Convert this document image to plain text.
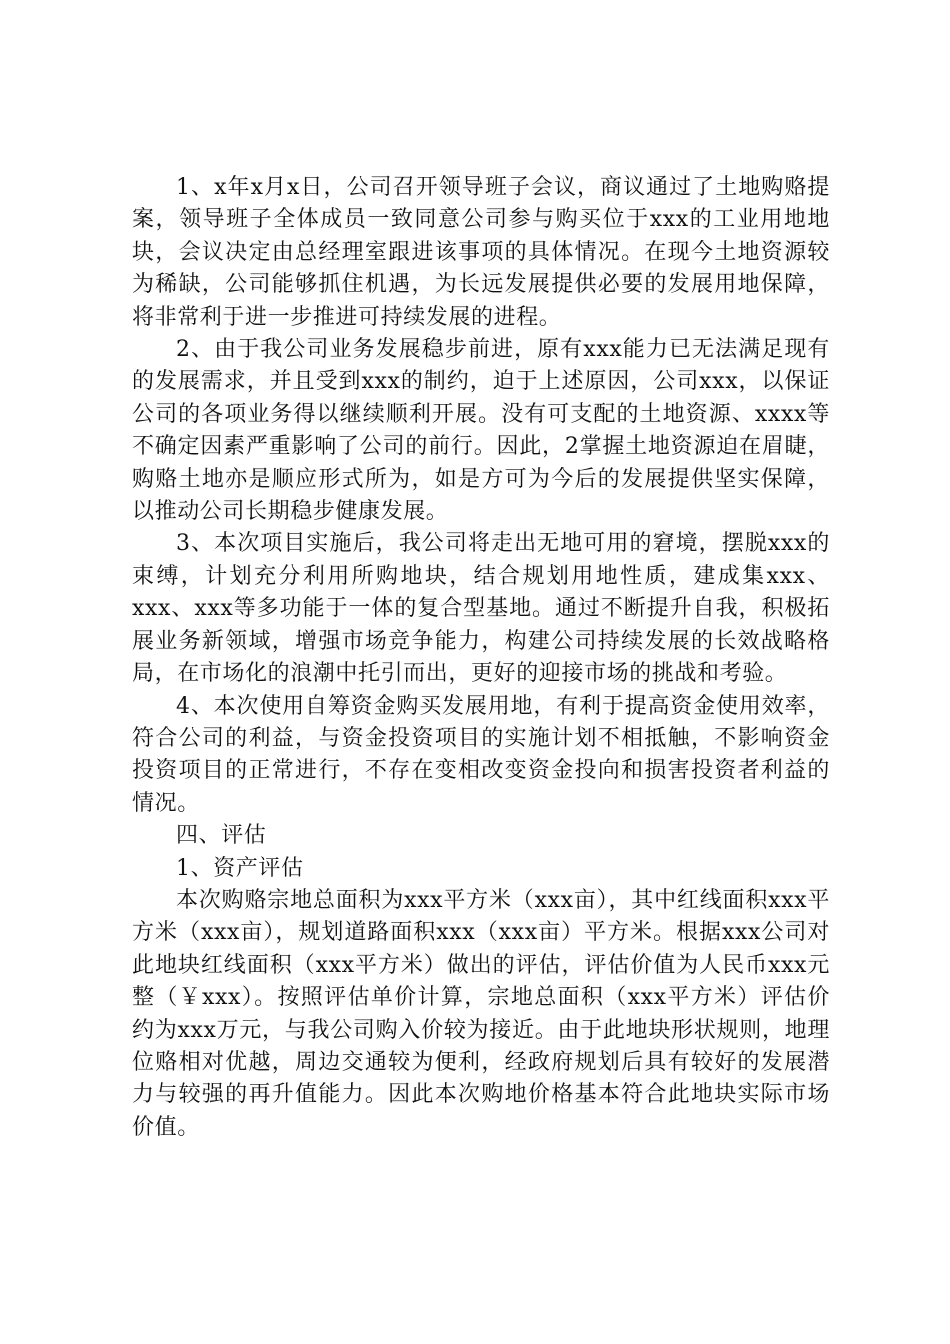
1、x年x月x日，公司召开领导班子会议，商议通过了土地购赂提案，领导班子全体成员一致同意公司参与购买位于xxx的工业用地地块，会议决定由总经理室跟进该事项的具体情况。在现今土地资源较为稀缺，公司能够抓住机遇，为长远发展提供必要的发展用地保障，将非常利于进一步推进可持续发展的进程。

2、由于我公司业务发展稳步前进，原有xxx能力已无法满足现有的发展需求，并且受到xxx的制约，迫于上述原因，公司xxx，以保证公司的各项业务得以继续顺利开展。没有可支配的土地资源、xxxx等不确定因素严重影响了公司的前行。因此，2掌握土地资源迫在眉睫，购赂土地亦是顺应形式所为，如是方可为今后的发展提供坚实保障，以推动公司长期稳步健康发展。

3、本次项目实施后，我公司将走出无地可用的窘境，摆脱xxx的束缚，计划充分利用所购地块，结合规划用地性质，建成集xxx、xxx、xxx等多功能于一体的复合型基地。通过不断提升自我，积极拓展业务新领域，增强市场竞争能力，构建公司持续发展的长效战略格局，在市场化的浪潮中托引而出，更好的迎接市场的挑战和考验。

4、本次使用自筹资金购买发展用地，有利于提高资金使用效率，符合公司的利益，与资金投资项目的实施计划不相抵触，不影响资金投资项目的正常进行，不存在变相改变资金投向和损害投资者利益的情况。

四、评估

1、资产评估

本次购赂宗地总面积为xxx平方米（xxx亩），其中红线面积xxx平方米（xxx亩），规划道路面积xxx（xxx亩）平方米。根据xxx公司对此地块红线面积（xxx平方米）做出的评估，评估价值为人民币xxx元整（￥xxx）。按照评估单价计算，宗地总面积（xxx平方米）评估价约为xxx万元，与我公司购入价较为接近。由于此地块形状规则，地理位赂相对优越，周边交通较为便利，经政府规划后具有较好的发展潜力与较强的再升值能力。因此本次购地价格基本符合此地块实际市场价值。
